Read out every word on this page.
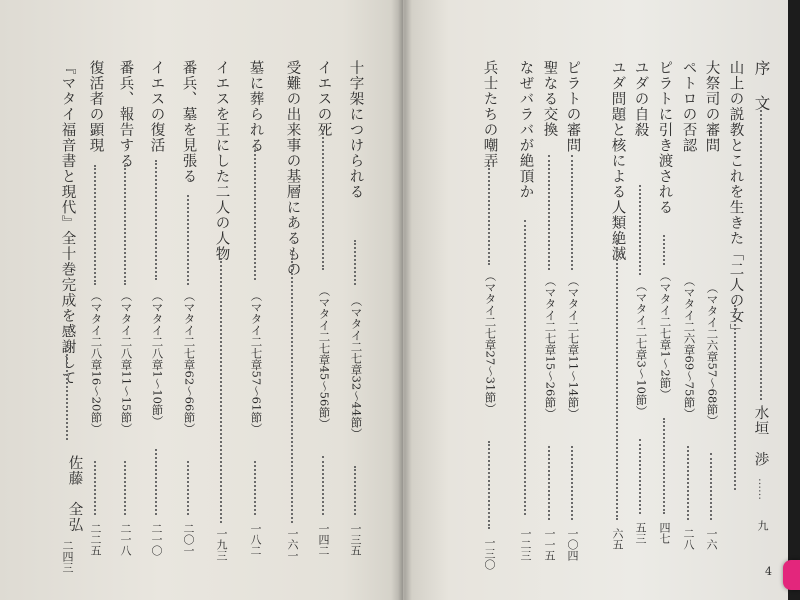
序　文
水垣　渉
……
九
山上の説教とこれを生きた「二人の女」
大祭司の審問
（マタイ二六章57～68節）
一六
ペトロの否認
（マタイ二六章69～75節）
二八
ピラトに引き渡される
（マタイ二七章1～2節）
四七
ユダの自殺
（マタイ二七章3～10節）
五三
ユダ問題と核による人類絶滅
六五
ピラトの審問
（マタイ二七章11～14節）
一〇四
聖なる交換
（マタイ二七章15～26節）
一一五
なぜバラバが絶頂か
一二三
兵士たちの嘲弄
（マタイ二七章27～31節）
一三〇
十字架につけられる
（マタイ二七章32～44節）
一三五
イエスの死
（マタイ二七章45～56節）
一四二
受難の出来事の基層にあるもの
一六一
墓に葬られる
（マタイ二七章57～61節）
一八二
イエスを王にした二人の人物
一九三
番兵、墓を見張る
（マタイ二七章62～66節）
二〇一
イエスの復活
（マタイ二八章1～10節）
二一〇
番兵、報告する
（マタイ二八章11～15節）
二一八
復活者の顕現
（マタイ二八章16～20節）
二二五
『マタイ福音書と現代』全十巻完成を感謝して
二四三
佐藤　全弘
4
